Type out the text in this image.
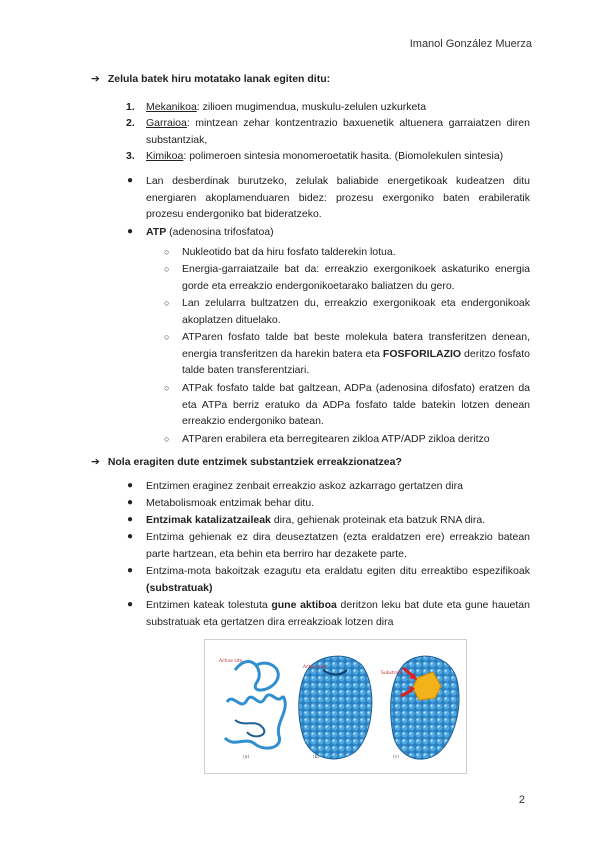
Imanol González Muerza
➔ Zelula batek hiru motatako lanak egiten ditu:
1.	Mekanikoa: zilioen mugimendua, muskulu-zelulen uzkurketa
2.	Garraioa: mintzean zehar kontzentrazio baxuenetik altuenera garraiatzen diren substantziak,
3.	Kimikoa: polimeroen sintesia monomeroetatik hasita. (Biomolekulen sintesia)
● Lan desberdinak burutzeko, zelulak baliabide energetikoak kudeatzen ditu energiaren akoplamenduaren bidez: prozesu exergoniko baten erabileratik prozesu endergoniko bat bideratzeko.
● ATP (adenosina trifosfatoa)
○ Nukleotido bat da hiru fosfato talderekin lotua.
○ Energia-garraiatzaile bat da: erreakzio exergonikoek askaturiko energia gorde eta erreakzio endergonikoetarako baliatzen du gero.
○ Lan zelularra bultzatzen du, erreakzio exergonikoak eta endergonikoak akoplatzen dituelako.
○ ATParen fosfato talde bat beste molekula batera transferitzen denean, energia transferitzen da harekin batera eta FOSFORILAZIO deritzo fosfato talde baten transferentziari.
○ ATPak fosfato talde bat galtzean, ADPa (adenosina difosfato) eratzen da eta ATPa berriz eratuko da ADPa fosfato talde batekin lotzen denean erreakzio endergoniko batean.
○ ATParen erabilera eta berregitearen zikloa ATP/ADP zikloa deritzo
➔ Nola eragiten dute entzimek substantziek erreakzionatzea?
● Entzimen eraginez zenbait erreakzio askoz azkarrago gertatzen dira
● Metabolismoak entzimak behar ditu.
● Entzimak katalizatzaileak dira, gehienak proteinak eta batzuk RNA dira.
● Entzima gehienak ez dira deuseztatzen (ezta eraldatzen ere) erreakzio batean parte hartzean, eta behin eta berriro har dezakete parte.
● Entzima-mota bakoitzak ezagutu eta eraldatu egiten ditu erreaktibo espezifikoak (substratuak)
● Entzimen kateak tolestuta gune aktiboa deritzon leku bat dute eta gune hauetan substratuak eta gertatzen dira erreakzioak lotzen dira
Active site
Active site
Substrate
(a)	(b)	(c)
2
